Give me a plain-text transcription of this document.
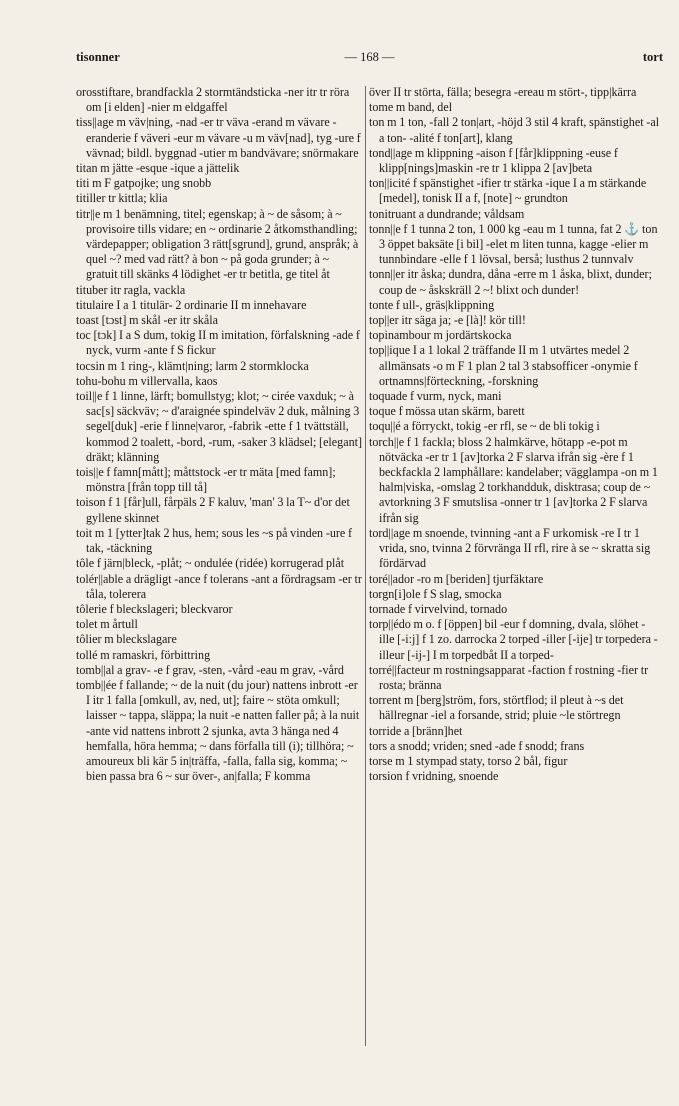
tisonner	— 168 —	tort

orosstiftare, brandfackla 2 stormtändsticka -ner itr tr röra om [i elden] -nier m eldgaffel

tiss||age m väv|ning, -nad -er tr väva -erand m vävare -eranderie f väveri -eur m vävare -u m väv[nad], tyg -ure f vävnad; bildl. byggnad -utier m bandvävare; snörmakare

titan m jätte -esque -ique a jättelik

titi m F gatpojke; ung snobb

titiller tr kittla; klia

titr||e m 1 benämning, titel; egenskap; à ~ de såsom; à ~ provisoire tills vidare; en ~ ordinarie 2 åtkomsthandling; värdepapper; obligation 3 rätt[sgrund], grund, anspråk; à quel ~? med vad rätt? à bon ~ på goda grunder; à ~ gratuit till skänks 4 lödighet -er tr betitla, ge titel åt

tituber itr ragla, vackla

titulaire I a 1 titulär- 2 ordinarie II m innehavare

toast [tɔst] m skål -er itr skåla

toc [tɔk] I a S dum, tokig II m imitation, förfalskning -ade f nyck, vurm -ante f S fickur

tocsin m 1 ring-, klämt|ning; larm 2 stormklocka

tohu-bohu m villervalla, kaos

toil||e f 1 linne, lärft; bomullstyg; klot; ~ cirée vaxduk; ~ à sac[s] säckväv; ~ d'araignée spindelväv 2 duk, målning 3 segel[duk] -erie f linne|varor, -fabrik -ette f 1 tvättställ, kommod 2 toalett, -bord, -rum, -saker 3 klädsel; [elegant] dräkt; klänning

tois||e f famn[mått]; måttstock -er tr mäta [med famn]; mönstra [från topp till tå]

toison f 1 [får]ull, fårpäls 2 F kaluv, 'man' 3 la T~ d'or det gyllene skinnet

toit m 1 [ytter]tak 2 hus, hem; sous les ~s på vinden -ure f tak, -täckning

tôle f järn|bleck, -plåt; ~ ondulée (ridée) korrugerad plåt

tolér||able a drägligt -ance f tolerans -ant a fördragsam -er tr tåla, tolerera

tôlerie f bleckslageri; bleckvaror

tolet m årtull

tôlier m bleckslagare

tollé m ramaskri, förbittring

tomb||al a grav- -e f grav, -sten, -vård -eau m grav, -vård

tomb||ée f fallande; ~ de la nuit (du jour) nattens inbrott -er I itr 1 falla [omkull, av, ned, ut]; faire ~ stöta omkull; laisser ~ tappa, släppa; la nuit -e natten faller på; à la nuit -ante vid nattens inbrott 2 sjunka, avta 3 hänga ned 4 hemfalla, höra hemma; ~ dans förfalla till (i); tillhöra; ~ amoureux bli kär 5 in|träffa, -falla, falla sig, komma; ~ bien passa bra 6 ~ sur över-, an|falla; F komma

över II tr störta, fälla; besegra -ereau m stört-, tipp|kärra

tome m band, del

ton m 1 ton, -fall 2 ton|art, -höjd 3 stil 4 kraft, spänstighet -al a ton- -alité f ton[art], klang

tond||age m klippning -aison f [får]klippning -euse f klipp[nings]maskin -re tr 1 klippa 2 [av]beta

ton||icité f spänstighet -ifier tr stärka -ique I a m stärkande [medel], tonisk II a f, [note] ~ grundton

tonitruant a dundrande; våldsam

tonn||e f 1 tunna 2 ton, 1 000 kg -eau m 1 tunna, fat 2 ⚓ ton 3 öppet baksäte [i bil] -elet m liten tunna, kagge -elier m tunnbindare -elle f 1 lövsal, berså; lusthus 2 tunnvalv

tonn||er itr åska; dundra, dåna -erre m 1 åska, blixt, dunder; coup de ~ åskskräll 2 ~! blixt och dunder!

tonte f ull-, gräs|klippning

top||er itr säga ja; -e [là]! kör till!

topinambour m jordärtskocka

top||ique I a 1 lokal 2 träffande II m 1 utvärtes medel 2 allmänsats -o m F 1 plan 2 tal 3 stabsofficer -onymie f ortnamns|förteckning, -forskning

toquade f vurm, nyck, mani

toque f mössa utan skärm, barett

toqu||é a förryckt, tokig -er rfl, se ~ de bli tokig i

torch||e f 1 fackla; bloss 2 halmkärve, hötapp -e-pot m nötväcka -er tr 1 [av]torka 2 F slarva ifrån sig -ère f 1 beckfackla 2 lamphållare: kandelaber; vägglampa -on m 1 halm|viska, -omslag 2 torkhandduk, disktrasa; coup de ~ avtorkning 3 F smutslisa -onner tr 1 [av]torka 2 F slarva ifrån sig

tord||age m snoende, tvinning -ant a F urkomisk -re I tr 1 vrida, sno, tvinna 2 förvränga II rfl, rire à se ~ skratta sig fördärvad

toré||ador -ro m [beriden] tjurfäktare

torgn[i]ole f S slag, smocka

tornade f virvelvind, tornado

torp||édo m o. f [öppen] bil -eur f domning, dvala, slöhet -ille [-i:j] f 1 zo. darrocka 2 torped -iller [-ije] tr torpedera -illeur [-ij-] I m torpedbåt II a torped-

torré||facteur m rostningsapparat -faction f rostning -fier tr rosta; bränna

torrent m [berg]ström, fors, störtflod; il pleut à ~s det hällregnar -iel a forsande, strid; pluie ~le störtregn

torride a [bränn]het

tors a snodd; vriden; sned -ade f snodd; frans

torse m 1 stympad staty, torso 2 bål, figur

torsion f vridning, snoende
